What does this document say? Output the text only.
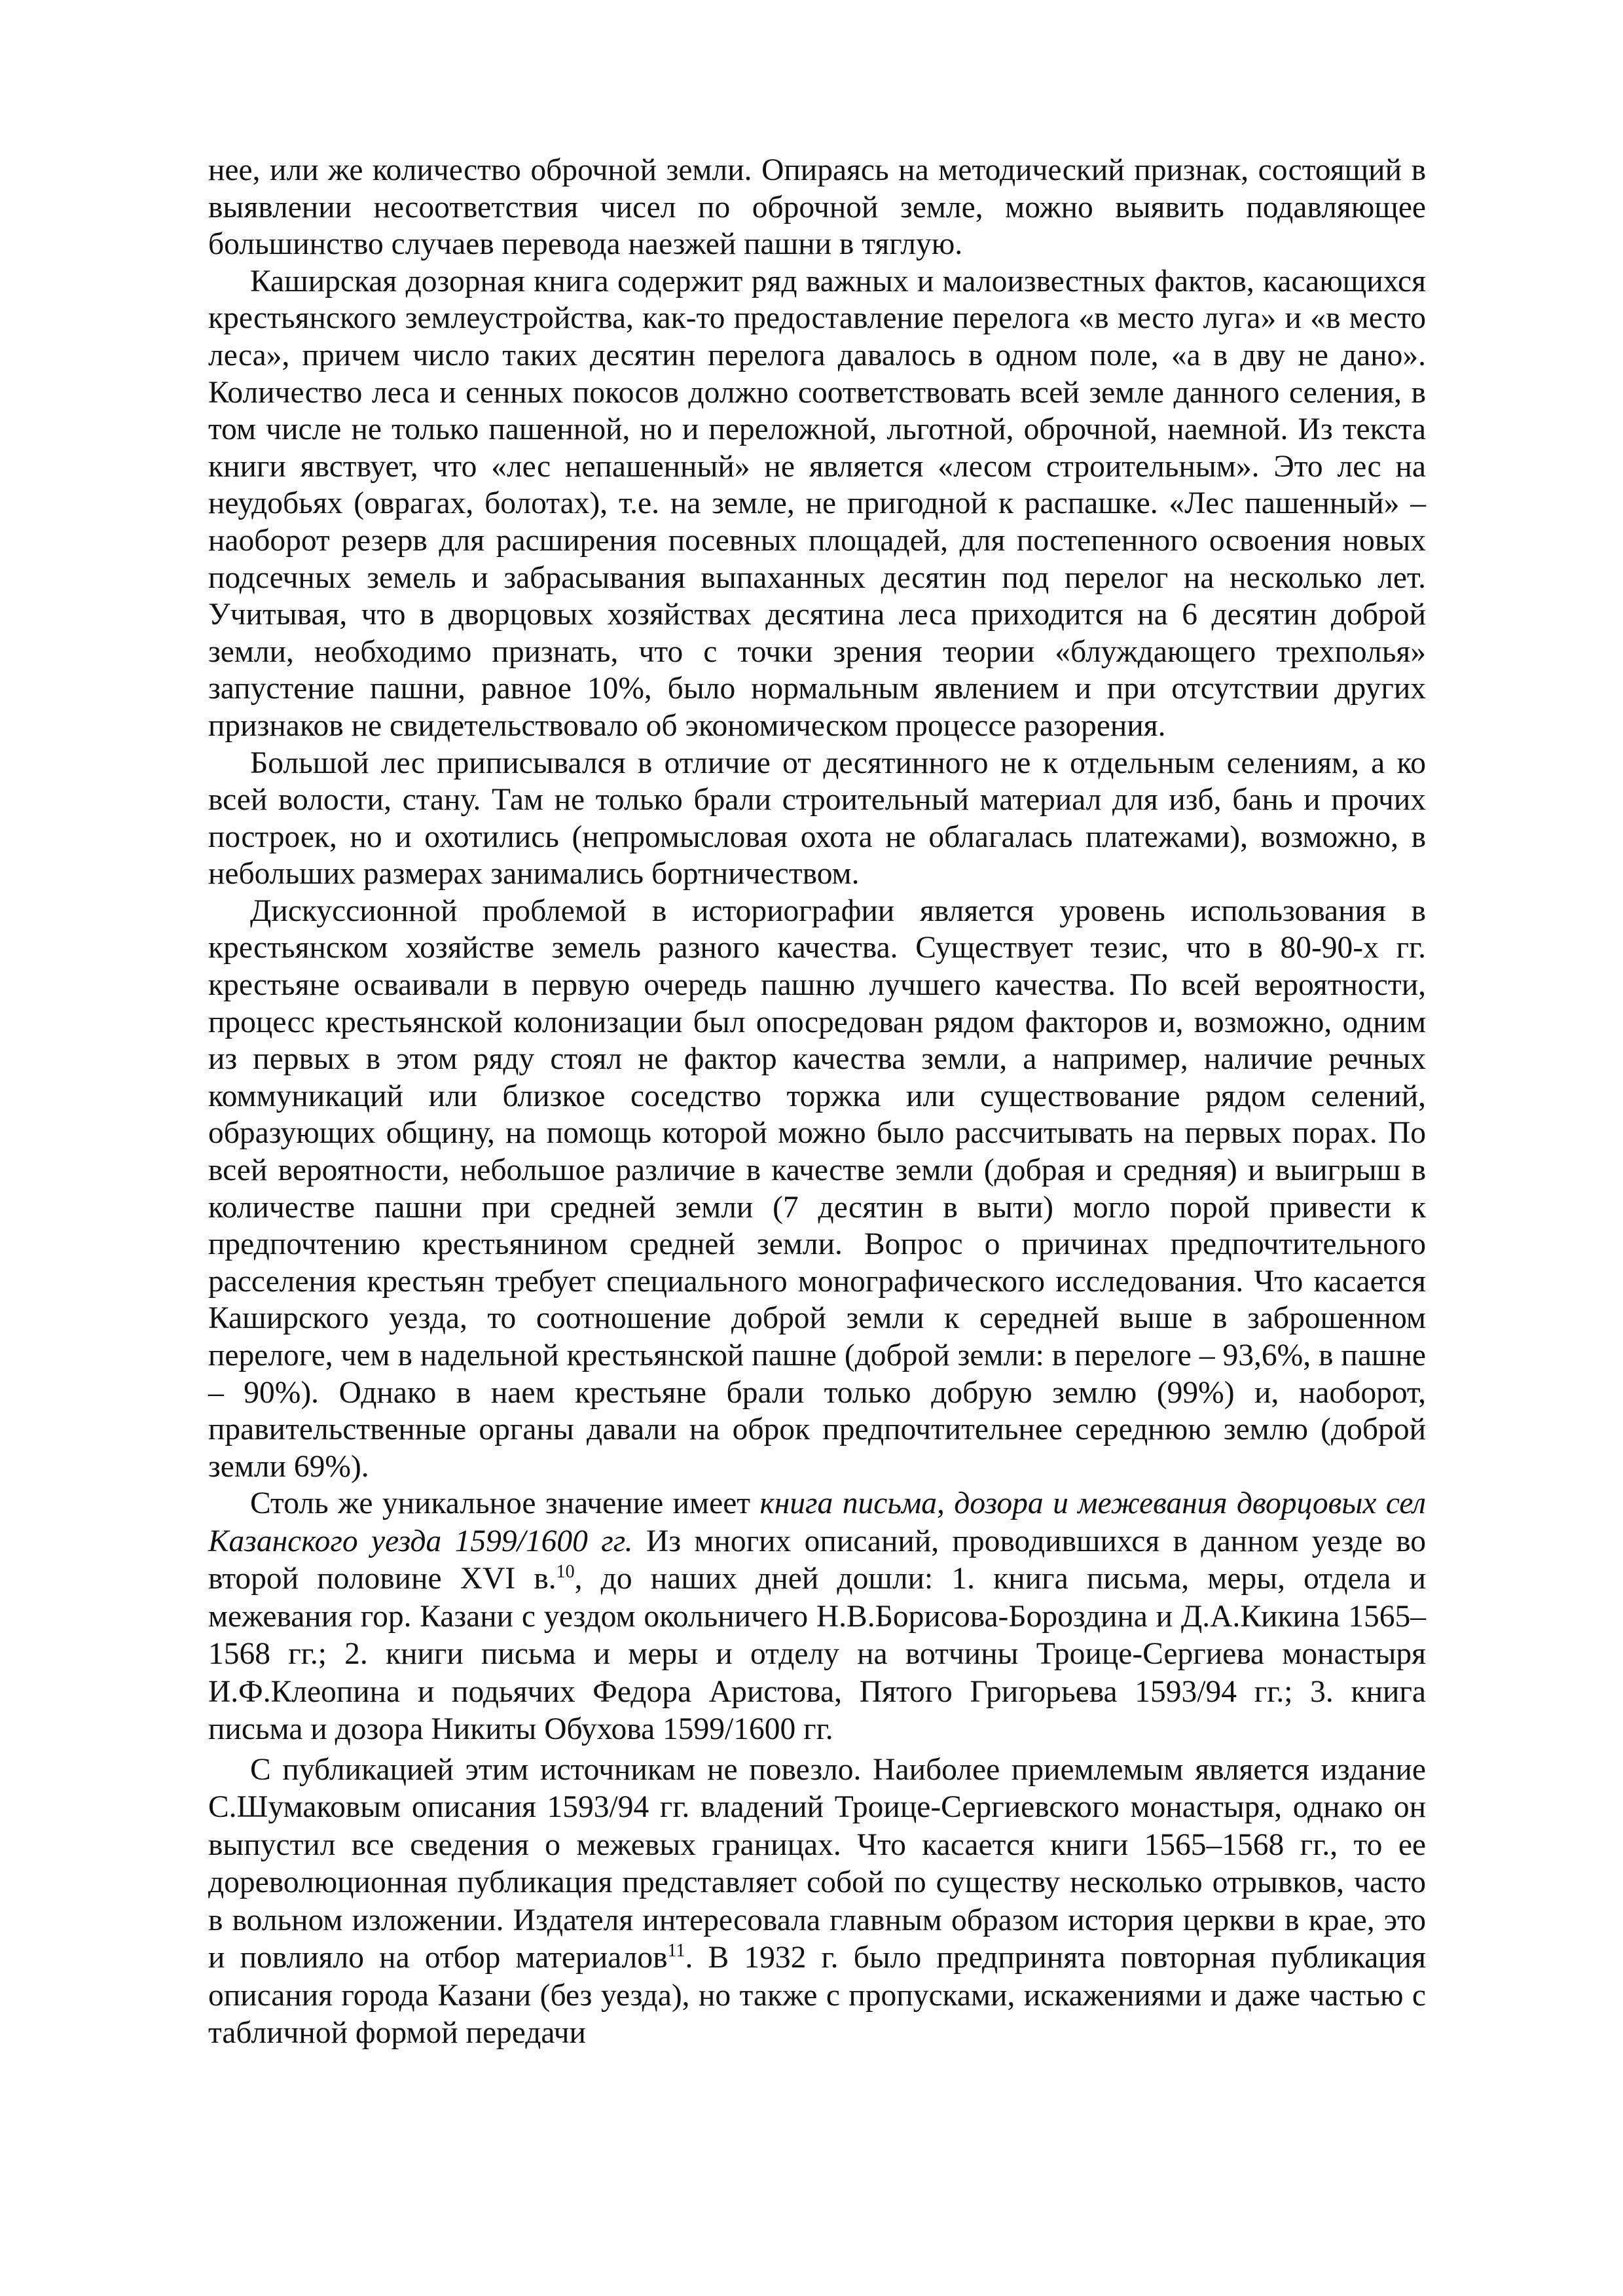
нее, или же количество оброчной земли. Опираясь на методический признак, состоящий в выявлении несоответствия чисел по оброчной земле, можно выявить подавляющее большинство случаев перевода наезжей пашни в тяглую.

Каширская дозорная книга содержит ряд важных и малоизвестных фактов, касающихся крестьянского землеустройства, как-то предоставление перелога «в место луга» и «в место леса», причем число таких десятин перелога давалось в одном поле, «а в дву не дано». Количество леса и сенных покосов должно соответствовать всей земле данного селения, в том числе не только пашенной, но и переложной, льготной, оброчной, наемной. Из текста книги явствует, что «лес непашенный» не является «лесом строительным». Это лес на неудобьях (оврагах, болотах), т.е. на земле, не пригодной к распашке. «Лес пашенный» – наоборот резерв для расширения посевных площадей, для постепенного освоения новых подсечных земель и забрасывания выпаханных десятин под перелог на несколько лет. Учитывая, что в дворцовых хозяйствах десятина леса приходится на 6 десятин доброй земли, необходимо признать, что с точки зрения теории «блуждающего трехполья» запустение пашни, равное 10%, было нормальным явлением и при отсутствии других признаков не свидетельствовало об экономическом процессе разорения.

Большой лес приписывался в отличие от десятинного не к отдельным селениям, а ко всей волости, стану. Там не только брали строительный материал для изб, бань и прочих построек, но и охотились (непромысловая охота не облагалась платежами), возможно, в небольших размерах занимались бортничеством.

Дискуссионной проблемой в историографии является уровень использования в крестьянском хозяйстве земель разного качества. Существует тезис, что в 80-90-х гг. крестьяне осваивали в первую очередь пашню лучшего качества. По всей вероятности, процесс крестьянской колонизации был опосредован рядом факторов и, возможно, одним из первых в этом ряду стоял не фактор качества земли, а например, наличие речных коммуникаций или близкое соседство торжка или существование рядом селений, образующих общину, на помощь которой можно было рассчитывать на первых порах. По всей вероятности, небольшое различие в качестве земли (добрая и средняя) и выигрыш в количестве пашни при средней земли (7 десятин в выти) могло порой привести к предпочтению крестьянином средней земли. Вопрос о причинах предпочтительного расселения крестьян требует специального монографического исследования. Что касается Каширского уезда, то соотношение доброй земли к середней выше в заброшенном перелоге, чем в надельной крестьянской пашне (доброй земли: в перелоге – 93,6%, в пашне – 90%). Однако в наем крестьяне брали только добрую землю (99%) и, наоборот, правительственные органы давали на оброк предпочтительнее середнюю землю (доброй земли 69%).

Столь же уникальное значение имеет книга письма, дозора и межевания дворцовых сел Казанского уезда 1599/1600 гг. Из многих описаний, проводившихся в данном уезде во второй половине XVI в.$^{10}$, до наших дней дошли: 1. книга письма, меры, отдела и межевания гор. Казани с уездом окольничего Н.В.Борисова-Бороздина и Д.А.Кикина 1565–1568 гг.; 2. книги письма и меры и отделу на вотчины Троице-Сергиева монастыря И.Ф.Клеопина и подьячих Федора Аристова, Пятого Григорьева 1593/94 гг.; 3. книга письма и дозора Никиты Обухова 1599/1600 гг.

С публикацией этим источникам не повезло. Наиболее приемлемым является издание С.Шумаковым описания 1593/94 гг. владений Троице-Сергиевского монастыря, однако он выпустил все сведения о межевых границах. Что касается книги 1565–1568 гг., то ее дореволюционная публикация представляет собой по существу несколько отрывков, часто в вольном изложении. Издателя интересовала главным образом история церкви в крае, это и повлияло на отбор материалов$^{11}$. В 1932 г. было предпринята повторная публикация описания города Казани (без уезда), но также с пропусками, искажениями и даже частью с табличной формой передачи
